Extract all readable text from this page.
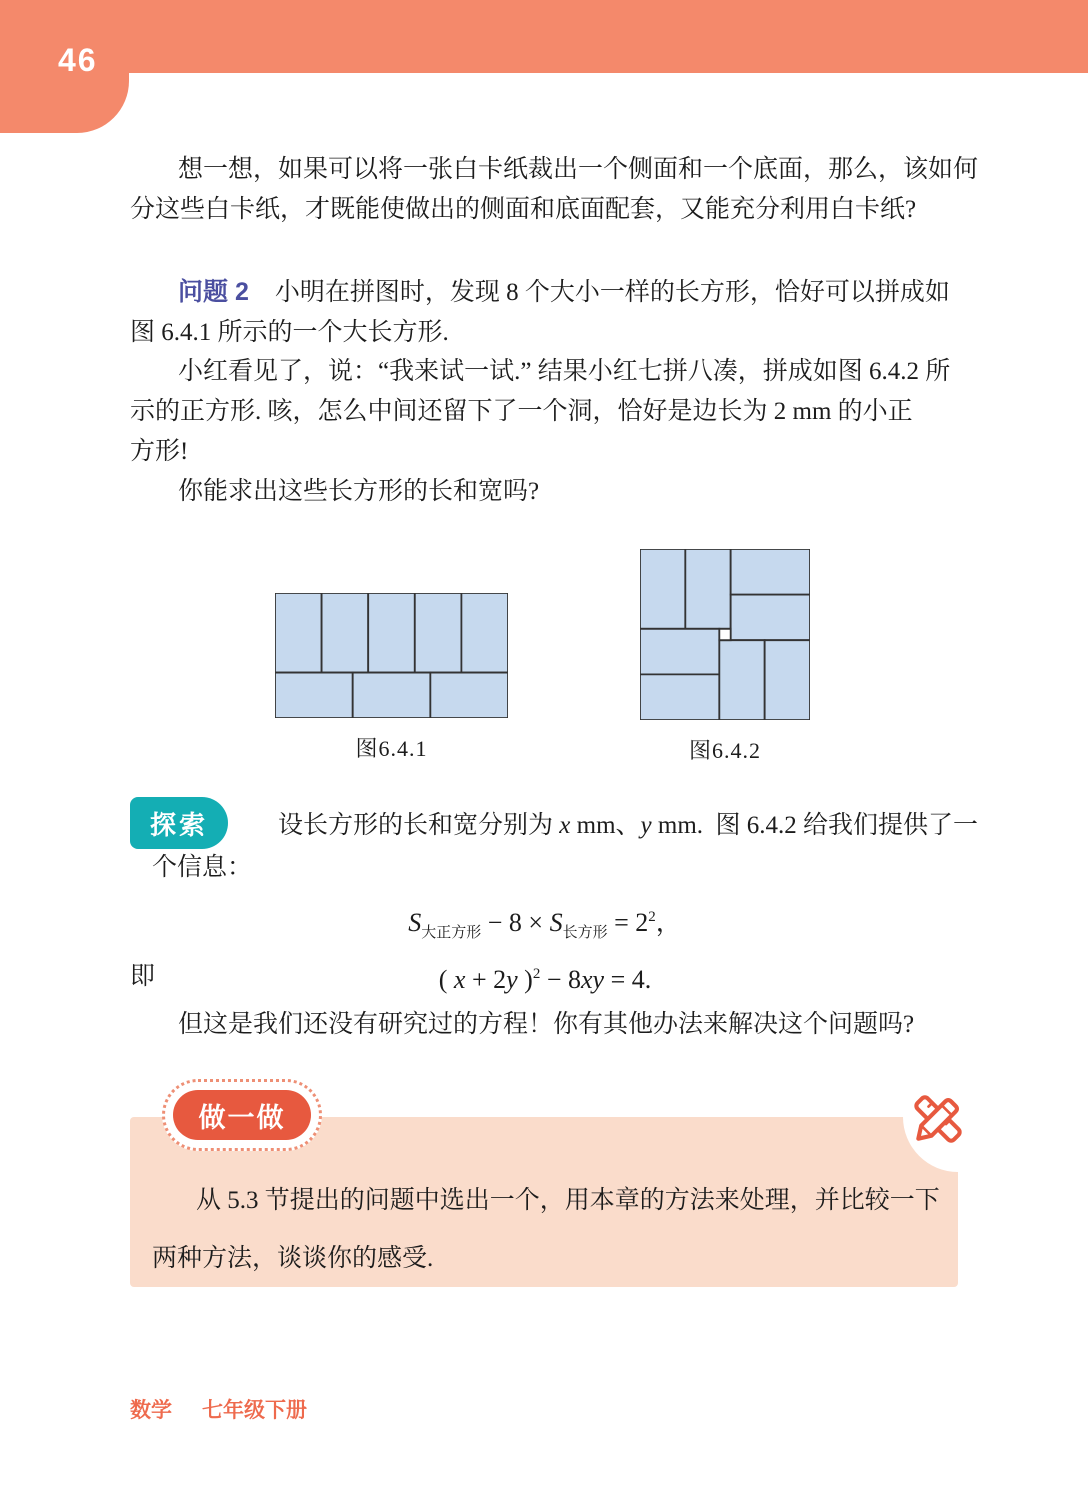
46
想一想，如果可以将一张白卡纸裁出一个侧面和一个底面，那么，该如何
分这些白卡纸，才既能使做出的侧面和底面配套，又能充分利用白卡纸?
问题 2 小明在拼图时，发现 8 个大小一样的长方形，恰好可以拼成如
图 6.4.1 所示的一个大长方形.
小红看见了，说：“我来试一试.” 结果小红七拼八凑，拼成如图 6.4.2 所
示的正方形. 咳，怎么中间还留下了一个洞，恰好是边长为 2 mm 的小正
方形!
你能求出这些长方形的长和宽吗?
图6.4.1	图6.4.2
探索	设长方形的长和宽分别为 x mm、y mm.  图 6.4.2 给我们提供了一
个信息：
$S_{大正方形} - 8 \times S_{长方形} = 2^2$，
即	( x + 2y )$^2$ − 8xy = 4.
但这是我们还没有研究过的方程！你有其他办法来解决这个问题吗?
做一做
从 5.3 节提出的问题中选出一个，用本章的方法来处理，并比较一下
两种方法，谈谈你的感受.
数学 七年级下册
